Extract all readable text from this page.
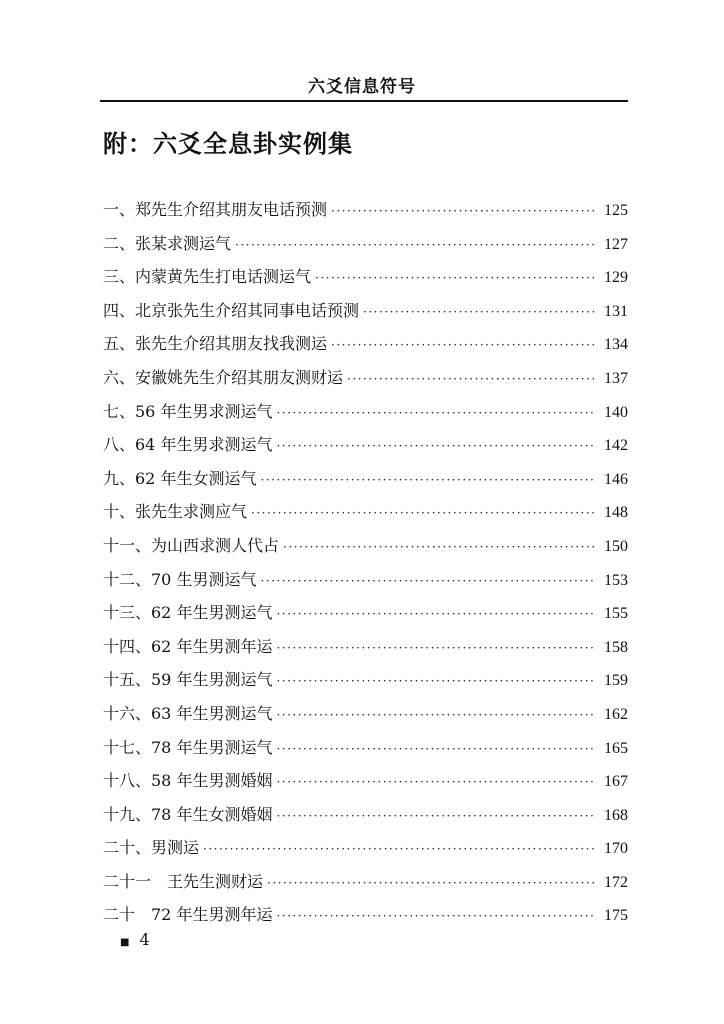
六爻信息符号
附：六爻全息卦实例集
一、郑先生介绍其朋友电话预测 ·····	125
二、张某求测运气 ·····	127
三、内蒙黄先生打电话测运气 ·····	129
四、北京张先生介绍其同事电话预测 ·····	131
五、张先生介绍其朋友找我测运 ·····	134
六、安徽姚先生介绍其朋友测财运 ·····	137
七、56 年生男求测运气 ·····	140
八、64 年生男求测运气 ·····	142
九、62 年生女测运气 ·····	146
十、张先生求测应气 ·····	148
十一、为山西求测人代占 ·····	150
十二、70 生男测运气 ·····	153
十三、62 年生男测运气 ·····	155
十四、62 年生男测年运 ·····	158
十五、59 年生男测运气 ·····	159
十六、63 年生男测运气 ·····	162
十七、78 年生男测运气 ·····	165
十八、58 年生男测婚姻 ·····	167
十九、78 年生女测婚姻 ·····	168
二十、男测运 ·····	170
二十一　王先生测财运 ·····	172
二十　72 年生男测年运 ·····	175
■ 4
